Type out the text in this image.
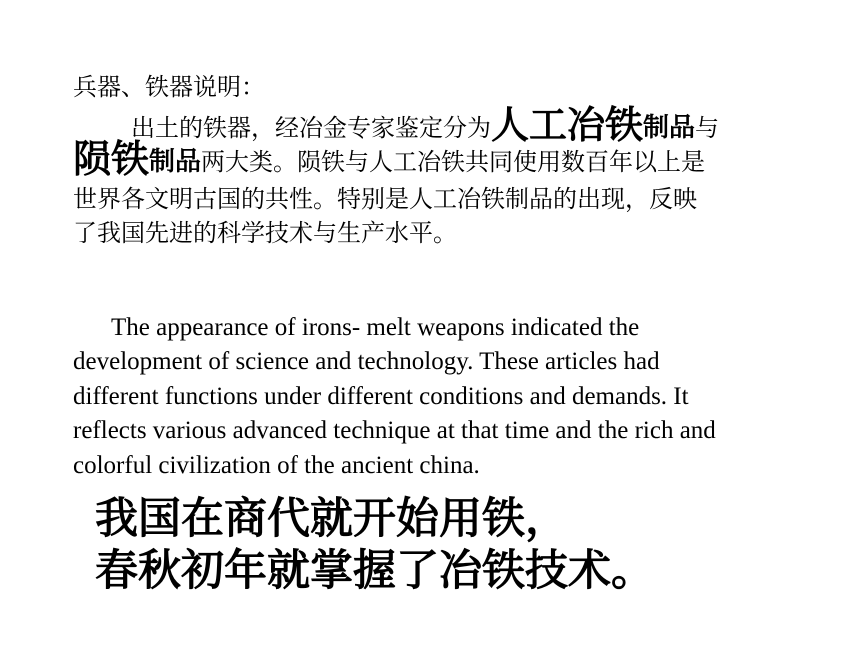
兵器、铁器说明：
出土的铁器，经冶金专家鉴定分为人工冶铁制品与
陨铁制品两大类。陨铁与人工冶铁共同使用数百年以上是
世界各文明古国的共性。特别是人工冶铁制品的出现，反映
了我国先进的科学技术与生产水平。
The appearance of irons- melt weapons indicated the
development of science and technology. These articles had
different functions under different conditions and demands. It
reflects various advanced technique at that time and the rich and
colorful civilization of the ancient china.
我国在商代就开始用铁，
春秋初年就掌握了冶铁技术。
